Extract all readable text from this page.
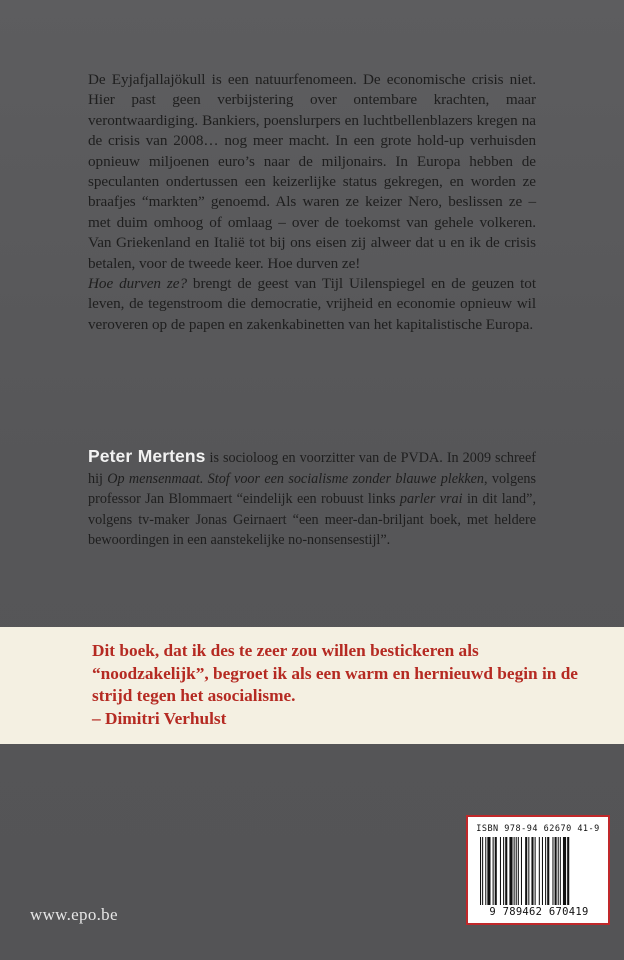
De Eyjafjallajökull is een natuurfenomeen. De economische crisis niet. Hier past geen verbijstering over ontembare krachten, maar verontwaardiging. Bankiers, poenslurpers en luchtbellenblazers kregen na de crisis van 2008… nog meer macht. In een grote hold-up verhuisden opnieuw miljoenen euro’s naar de miljonairs. In Europa hebben de speculanten ondertussen een keizerlijke status gekregen, en worden ze braafjes “markten” genoemd. Als waren ze keizer Nero, beslissen ze – met duim omhoog of omlaag – over de toekomst van gehele volkeren. Van Griekenland en Italië tot bij ons eisen zij alweer dat u en ik de crisis betalen, voor de tweede keer. Hoe durven ze!

Hoe durven ze? brengt de geest van Tijl Uilenspiegel en de geuzen tot leven, de tegenstroom die democratie, vrijheid en economie opnieuw wil veroveren op de papen en zakenkabinetten van het kapitalistische Europa.

Peter Mertens is socioloog en voorzitter van de PVDA. In 2009 schreef hij Op mensenmaat. Stof voor een socialisme zonder blauwe plekken, volgens professor Jan Blommaert “eindelijk een robuust links parler vrai in dit land”, volgens tv-maker Jonas Geirnaert “een meer-dan-briljant boek, met heldere bewoordingen in een aanstekelijke no-nonsensestijl”.
Dit boek, dat ik des te zeer zou willen bestickeren als “noodzakelijk”, begroet ik als een warm en hernieuwd begin in de strijd tegen het asocialisme.
– Dimitri Verhulst
ISBN 978-94 62670 41-9
9 789462 670419
www.epo.be
